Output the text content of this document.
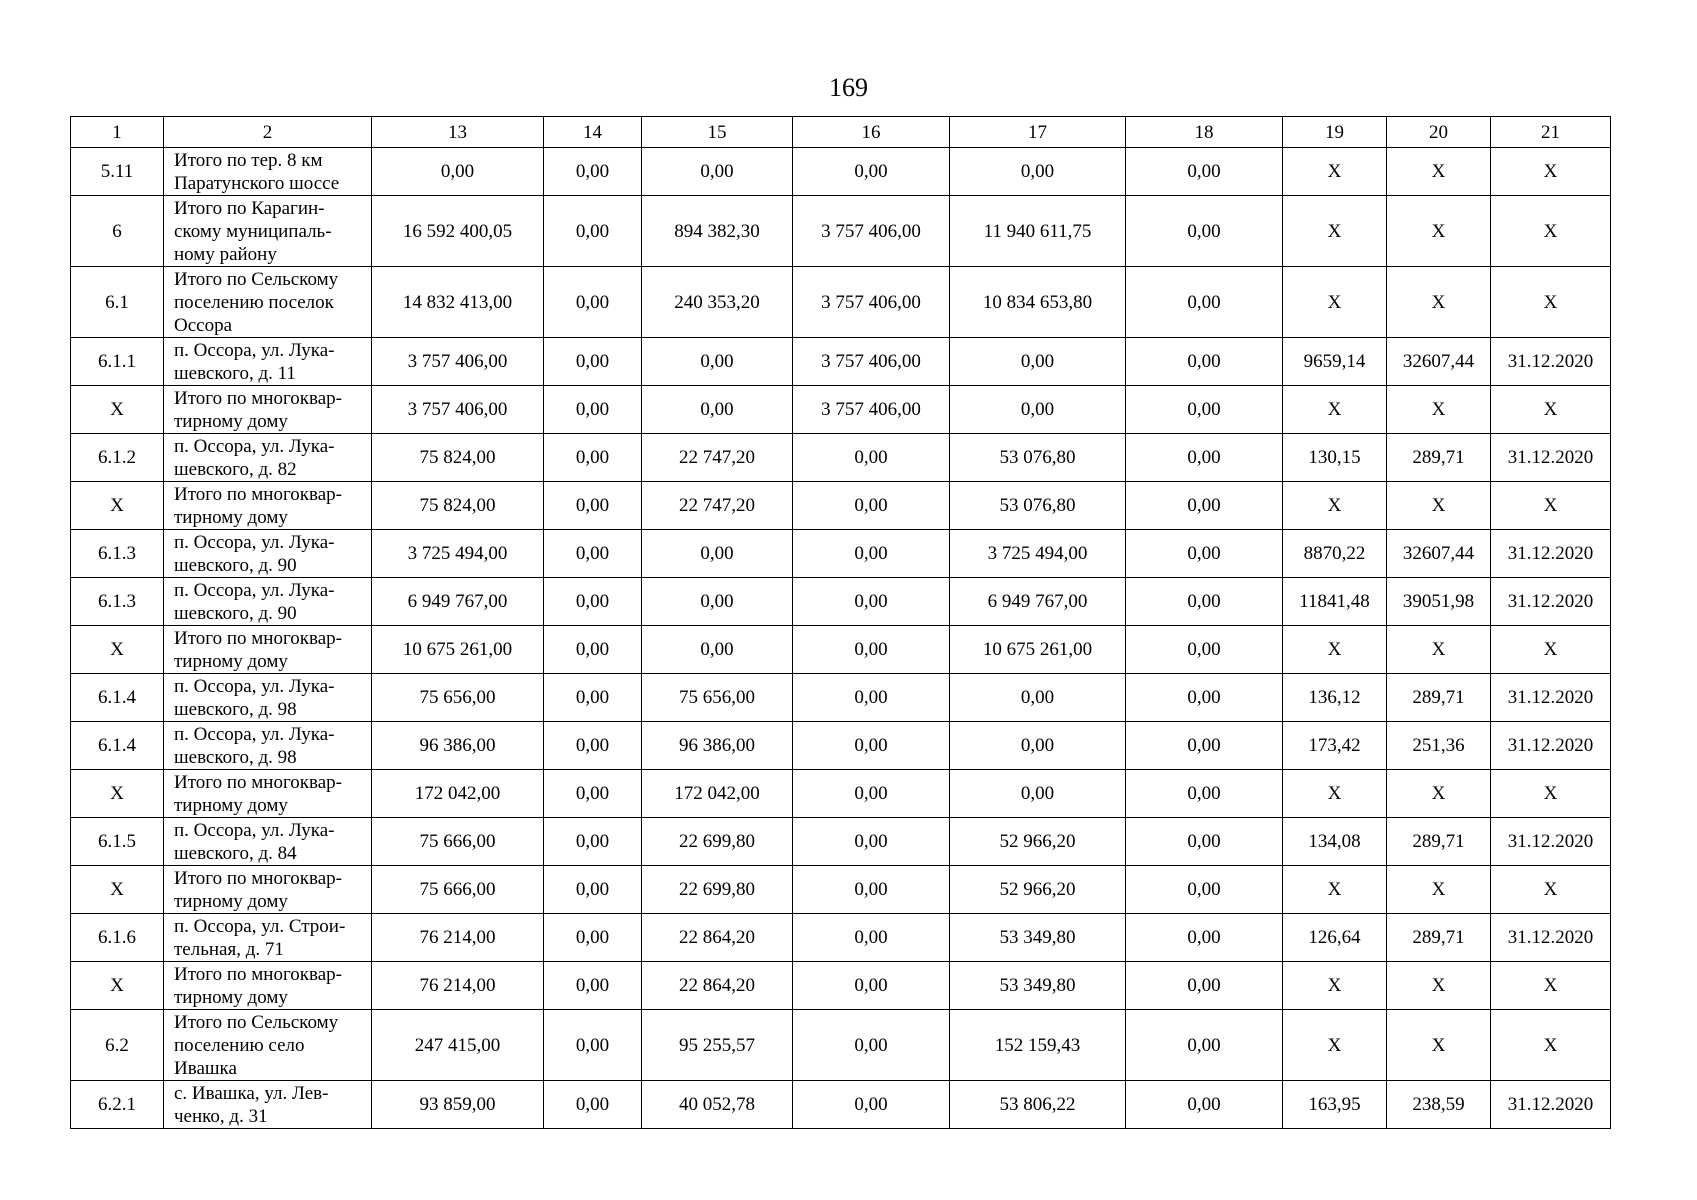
169
1	2	13	14	15	16	17	18	19	20	21
5.11	Итого по тер. 8 км
Паратунского шоссе	0,00	0,00	0,00	0,00	0,00	0,00	Х	Х	Х
6	Итого по Карагин-
скому муниципаль-
ному району	16 592 400,05	0,00	894 382,30	3 757 406,00	11 940 611,75	0,00	Х	Х	Х
6.1	Итого по Сельскому
поселению поселок
Оссора	14 832 413,00	0,00	240 353,20	3 757 406,00	10 834 653,80	0,00	Х	Х	Х
6.1.1	п. Оссора, ул. Лука-
шевского, д. 11	3 757 406,00	0,00	0,00	3 757 406,00	0,00	0,00	9659,14	32607,44	31.12.2020
Х	Итого по многоквар-
тирному дому	3 757 406,00	0,00	0,00	3 757 406,00	0,00	0,00	Х	Х	Х
6.1.2	п. Оссора, ул. Лука-
шевского, д. 82	75 824,00	0,00	22 747,20	0,00	53 076,80	0,00	130,15	289,71	31.12.2020
Х	Итого по многоквар-
тирному дому	75 824,00	0,00	22 747,20	0,00	53 076,80	0,00	Х	Х	Х
6.1.3	п. Оссора, ул. Лука-
шевского, д. 90	3 725 494,00	0,00	0,00	0,00	3 725 494,00	0,00	8870,22	32607,44	31.12.2020
6.1.3	п. Оссора, ул. Лука-
шевского, д. 90	6 949 767,00	0,00	0,00	0,00	6 949 767,00	0,00	11841,48	39051,98	31.12.2020
Х	Итого по многоквар-
тирному дому	10 675 261,00	0,00	0,00	0,00	10 675 261,00	0,00	Х	Х	Х
6.1.4	п. Оссора, ул. Лука-
шевского, д. 98	75 656,00	0,00	75 656,00	0,00	0,00	0,00	136,12	289,71	31.12.2020
6.1.4	п. Оссора, ул. Лука-
шевского, д. 98	96 386,00	0,00	96 386,00	0,00	0,00	0,00	173,42	251,36	31.12.2020
Х	Итого по многоквар-
тирному дому	172 042,00	0,00	172 042,00	0,00	0,00	0,00	Х	Х	Х
6.1.5	п. Оссора, ул. Лука-
шевского, д. 84	75 666,00	0,00	22 699,80	0,00	52 966,20	0,00	134,08	289,71	31.12.2020
Х	Итого по многоквар-
тирному дому	75 666,00	0,00	22 699,80	0,00	52 966,20	0,00	Х	Х	Х
6.1.6	п. Оссора, ул. Строи-
тельная, д. 71	76 214,00	0,00	22 864,20	0,00	53 349,80	0,00	126,64	289,71	31.12.2020
Х	Итого по многоквар-
тирному дому	76 214,00	0,00	22 864,20	0,00	53 349,80	0,00	Х	Х	Х
6.2	Итого по Сельскому
поселению село
Ивашка	247 415,00	0,00	95 255,57	0,00	152 159,43	0,00	Х	Х	Х
6.2.1	с. Ивашка, ул. Лев-
ченко, д. 31	93 859,00	0,00	40 052,78	0,00	53 806,22	0,00	163,95	238,59	31.12.2020
